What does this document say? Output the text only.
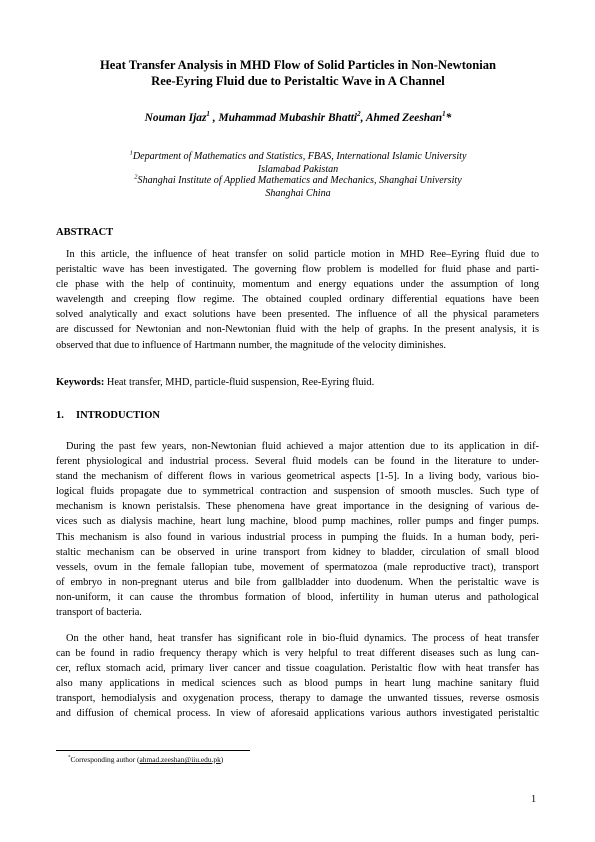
Heat Transfer Analysis in MHD Flow of Solid Particles in Non-Newtonian
Ree-Eyring Fluid due to Peristaltic Wave in A Channel
Nouman Ijaz$^1$ , Muhammad Mubashir Bhatti$^2$, Ahmed Zeeshan$^1$*
$^1$Department of Mathematics and Statistics, FBAS, International Islamic University
Islamabad Pakistan
$^2$Shanghai Institute of Applied Mathematics and Mechanics, Shanghai University
Shanghai China
ABSTRACT

In this article, the influence of heat transfer on solid particle motion in MHD Ree–Eyring fluid due to
peristaltic wave has been investigated. The governing flow problem is modelled for fluid phase and parti-
cle phase with the help of continuity, momentum and energy equations under the assumption of long
wavelength and creeping flow regime. The obtained coupled ordinary differential equations have been
solved analytically and exact solutions have been presented. The influence of all the physical parameters
are discussed for Newtonian and non-Newtonian fluid with the help of graphs. In the present analysis, it is
observed that due to influence of Hartmann number, the magnitude of the velocity diminishes.

Keywords: Heat transfer, MHD, particle-fluid suspension, Ree-Eyring fluid.
1. INTRODUCTION

During the past few years, non-Newtonian fluid achieved a major attention due to its application in dif-
ferent physiological and industrial process. Several fluid models can be found in the literature to under-
stand the mechanism of different flows in various geometrical aspects [1-5]. In a living body, various bio-
logical fluids propagate due to symmetrical contraction and suspension of smooth muscles. Such type of
mechanism is known peristalsis. These phenomena have great importance in the designing of various de-
vices such as dialysis machine, heart lung machine, blood pump machines, roller pumps and finger pumps.
This mechanism is also found in various industrial process in pumping the fluids. In a human body, peri-
staltic mechanism can be observed in urine transport from kidney to bladder, circulation of small blood
vessels, ovum in the female fallopian tube, movement of spermatozoa (male reproductive tract), transport
of embryo in non-pregnant uterus and bile from gallbladder into duodenum. When the peristaltic wave is
non-uniform, it can cause the thrombus formation of blood, infertility in human uterus and pathological
transport of bacteria.

On the other hand, heat transfer has significant role in bio-fluid dynamics. The process of heat transfer
can be found in radio frequency therapy which is very helpful to treat different diseases such as lung can-
cer, reflux stomach acid, primary liver cancer and tissue coagulation. Peristaltic flow with heat transfer has
also many applications in medical sciences such as blood pumps in heart lung machine sanitary fluid
transport, hemodialysis and oxygenation process, therapy to damage the unwanted tissues, reverse osmosis
and diffusion of chemical process. In view of aforesaid applications various authors investigated peristaltic

*Corresponding author (ahmad.zeeshan@iiu.edu.pk)
1
